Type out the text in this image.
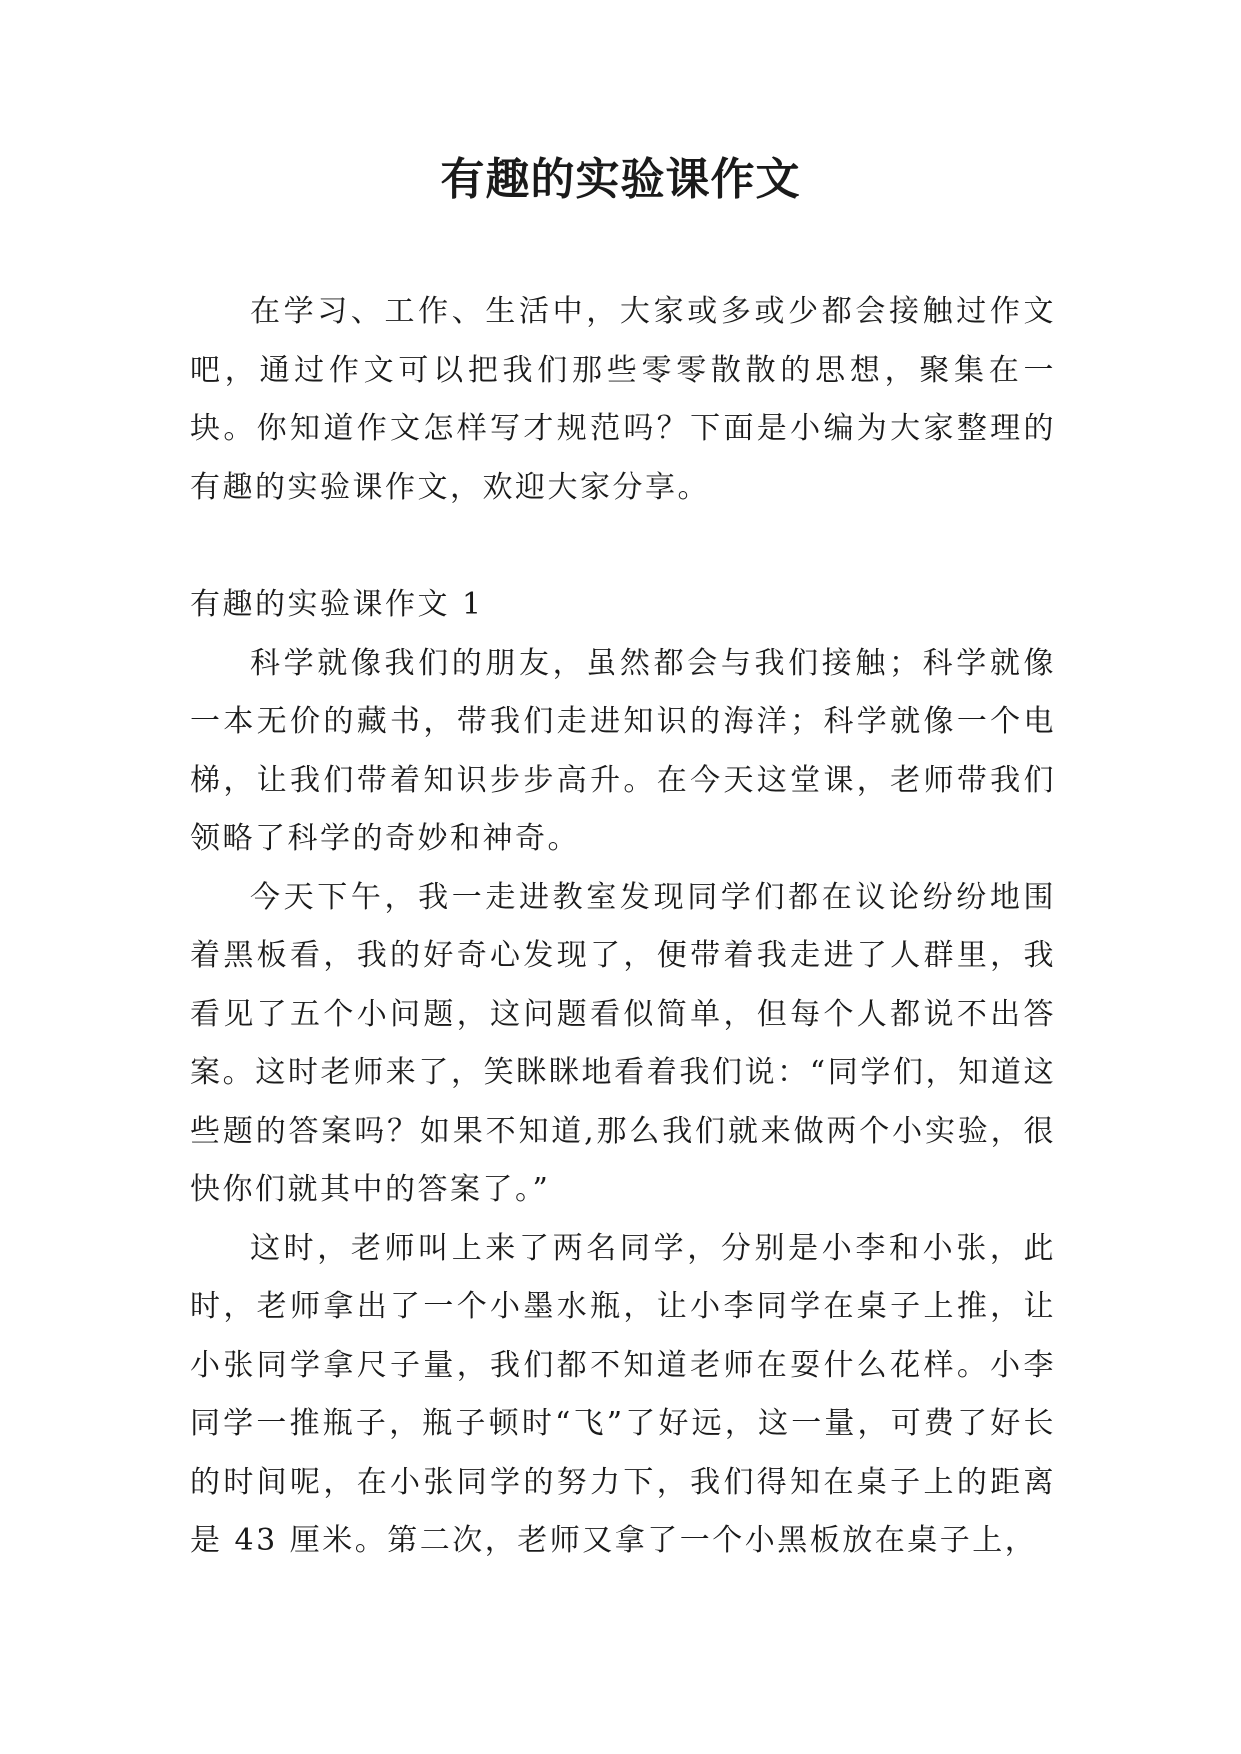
有趣的实验课作文

在学习、工作、生活中，大家或多或少都会接触过作文吧，通过作文可以把我们那些零零散散的思想，聚集在一块。你知道作文怎样写才规范吗？下面是小编为大家整理的有趣的实验课作文，欢迎大家分享。

有趣的实验课作文 1

科学就像我们的朋友，虽然都会与我们接触；科学就像一本无价的藏书，带我们走进知识的海洋；科学就像一个电梯，让我们带着知识步步高升。在今天这堂课，老师带我们领略了科学的奇妙和神奇。

今天下午，我一走进教室发现同学们都在议论纷纷地围着黑板看，我的好奇心发现了，便带着我走进了人群里，我看见了五个小问题，这问题看似简单，但每个人都说不出答案。这时老师来了，笑眯眯地看着我们说：“同学们，知道这些题的答案吗？如果不知道,那么我们就来做两个小实验，很快你们就其中的答案了。”

这时，老师叫上来了两名同学，分别是小李和小张，此时，老师拿出了一个小墨水瓶，让小李同学在桌子上推，让小张同学拿尺子量，我们都不知道老师在耍什么花样。小李同学一推瓶子，瓶子顿时“飞”了好远，这一量，可费了好长的时间呢，在小张同学的努力下，我们得知在桌子上的距离是 43 厘米。第二次，老师又拿了一个小黑板放在桌子上，
